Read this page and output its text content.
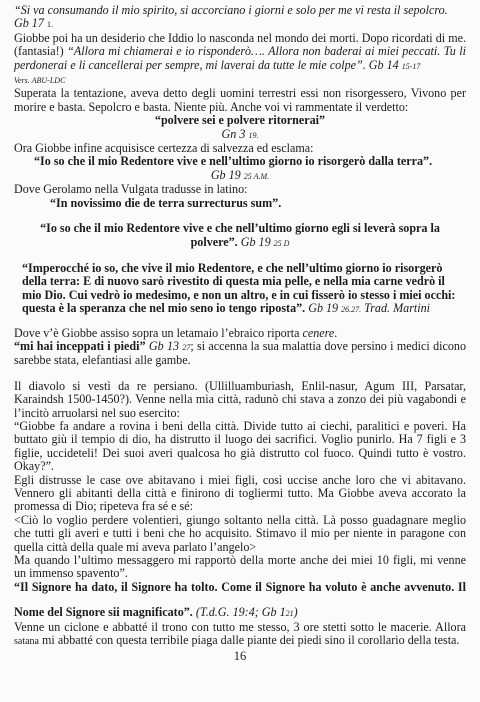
“Si va consumando il mio spirito, si accorciano i giorni e solo per me vi resta il sepolcro.
Gb 17 1.

Giobbe poi ha un desiderio che Iddio lo nasconda nel mondo dei morti. Dopo ricordati di me. (fantasia!) “Allora mi chiamerai e io risponderò…. Allora non baderai ai miei peccati. Tu li perdonerai e li cancellerai per sempre, mi laverai da tutte le mie colpe”. Gb 14 15-17
Vers. ABU-LDC

Superata la tentazione, aveva detto degli uomini terrestri essi non risorgessero, Vivono per morire e basta. Sepolcro e basta. Niente più. Anche voi vi rammentate il verdetto:

“polvere sei e polvere ritornerai”

Gn 3 19.

Ora Giobbe infine acquisisce certezza di salvezza ed esclama:

“Io so che il mio Redentore vive e nell’ultimo giorno io risorgerò dalla terra”.

Gb 19 25 A.M.

Dove Gerolamo nella Vulgata tradusse in latino:

“In novissimo die de terra surrecturus sum”.

“Io so che il mio Redentore vive e che nell’ultimo giorno egli si leverà sopra la

polvere”. Gb 19 25 D

“Imperocché io so, che vive il mio Redentore, e che nell’ultimo giorno io risorgerò

della terra: E di nuovo sarò rivestito di questa mia pelle, e nella mia carne vedrò il

mio Dio. Cui vedrò io medesimo, e non un altro, e in cui fisserò io stesso i miei occhi:

questa è la speranza che nel mio seno io tengo riposta”. Gb 19 26.27. Trad. Martini

Dove v’è Giobbe assiso sopra un letamaio l’ebraico riporta cenere.

“mi hai inceppati i piedi” Gb 13 27; si accenna la sua malattia dove persino i medici dicono sarebbe stata, elefantiasi alle gambe.

Il diavolo si vestì da re persiano. (Ullilluamburiash, Enlil-nasur, Agum III, Parsatar, Karaindsh 1500-1450?). Venne nella mia città, radunò chi stava a zonzo dei più vagabondi e l’incitò arruolarsi nel suo esercito:

“Giobbe fa andare a rovina i beni della città. Divide tutto ai ciechi, paralitici e poveri. Ha buttato giù il tempio di dio, ha distrutto il luogo dei sacrifici. Voglio punirlo. Ha 7 figli e 3 figlie, uccideteli! Dei suoi averi qualcosa ho già distrutto col fuoco. Quindi tutto è vostro. Okay?”.

Egli distrusse le case ove abitavano i miei figli, così uccise anche loro che vi abitavano. Vennero gli abitanti della città e finirono di togliermi tutto. Ma Giobbe aveva accorato la promessa di Dio; ripeteva fra sé e sé:

<Ciò lo voglio perdere volentieri, giungo soltanto nella città. Là posso guadagnare meglio che tutti gli averi e tutti i beni che ho acquisito. Stimavo il mio per niente in paragone con quella città della quale mi aveva parlato l’angelo>

Ma quando l’ultimo messaggero mi rapportò della morte anche dei miei 10 figli, mi venne un immenso spavento”.

“Il Signore ha dato, il Signore ha tolto. Come il Signore ha voluto è anche avvenuto. Il

Nome del Signore sii magnificato”. (T.d.G. 19:4; Gb 121)

Venne un ciclone e abbatté il trono con tutto me stesso, 3 ore stetti sotto le macerie. Allora satana mi abbatté con questa terribile piaga dalle piante dei piedi sino il corollario della testa.

16
